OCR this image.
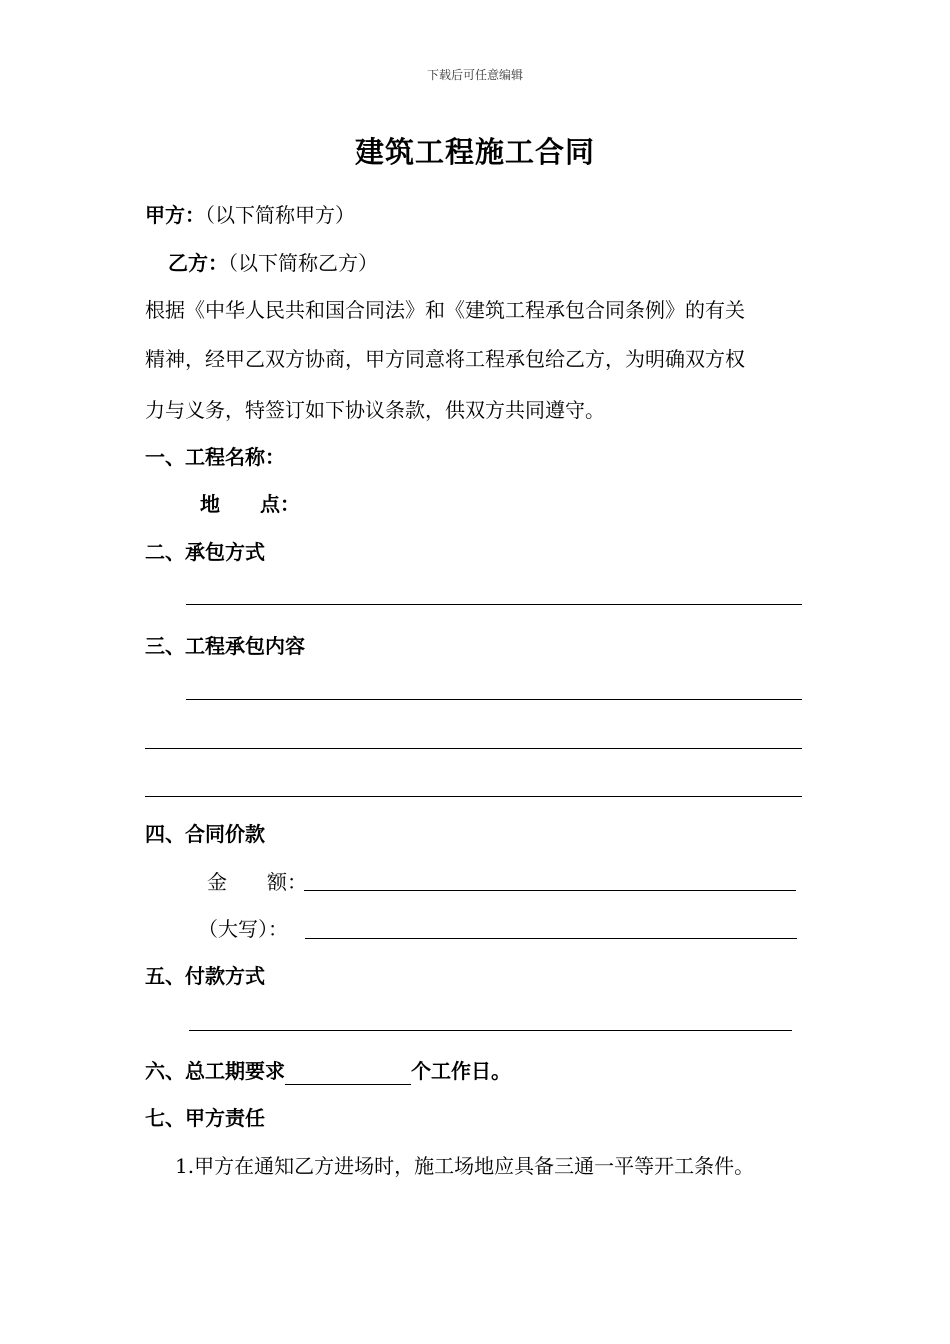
下载后可任意编辑
建筑工程施工合同
甲方：（以下简称甲方）
乙方：（以下简称乙方）
根据《中华人民共和国合同法》和《建筑工程承包合同条例》的有关
精神，经甲乙双方协商，甲方同意将工程承包给乙方，为明确双方权
力与义务，特签订如下协议条款，供双方共同遵守。
一、工程名称：
地　　点：
二、承包方式
三、工程承包内容
四、合同价款
金　　额：
（大写）：
五、付款方式
六、总工期要求	个工作日。
七、甲方责任
1.甲方在通知乙方进场时，施工场地应具备三通一平等开工条件。
